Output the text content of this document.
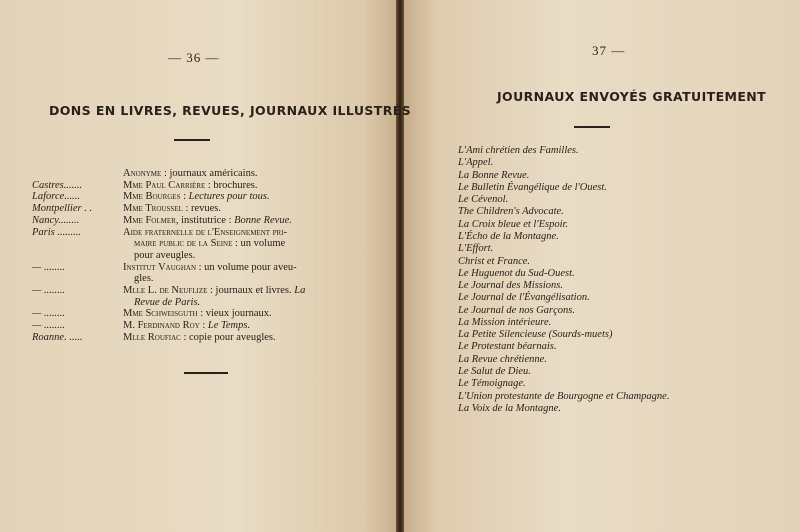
— 36 —
DONS EN LIVRES, REVUES, JOURNAUX ILLUSTRÉS
Anonyme : journaux américains.
Castres.......	Mme Paul Carrière : brochures.
Laforce......	Mme Bourges : Lectures pour tous.
Montpellier . .	Mme Troussel : revues.
Nancy........	Mme Folmer, institutrice : Bonne Revue.
Paris .........	Aide fraternelle de l'Enseignement pri-
maire public de la Seine : un volume
pour aveugles.
— ........	Institut Vaughan : un volume pour aveu-
gles.
— ........	Mlle L. de Neuflize : journaux et livres. La
Revue de Paris.
— ........	Mme Schweisguth : vieux journaux.
— ........	M. Ferdinand Roy : Le Temps.
Roanne. .....	Mlle Roufiac : copie pour aveugles.
37 —
JOURNAUX ENVOYÉS GRATUITEMENT
L'Ami chrétien des Familles.
L'Appel.
La Bonne Revue.
Le Bulletin Évangélique de l'Ouest.
Le Cévenol.
The Children's Advocate.
La Croix bleue et l'Espoir.
L'Écho de la Montagne.
L'Effort.
Christ et France.
Le Huguenot du Sud-Ouest.
Le Journal des Missions.
Le Journal de l'Évangélisation.
Le Journal de nos Garçons.
La Mission intérieure.
La Petite Silencieuse (Sourds-muets)
Le Protestant béarnais.
La Revue chrétienne.
Le Salut de Dieu.
Le Témoignage.
L'Union protestante de Bourgogne et Champagne.
La Voix de la Montagne.
